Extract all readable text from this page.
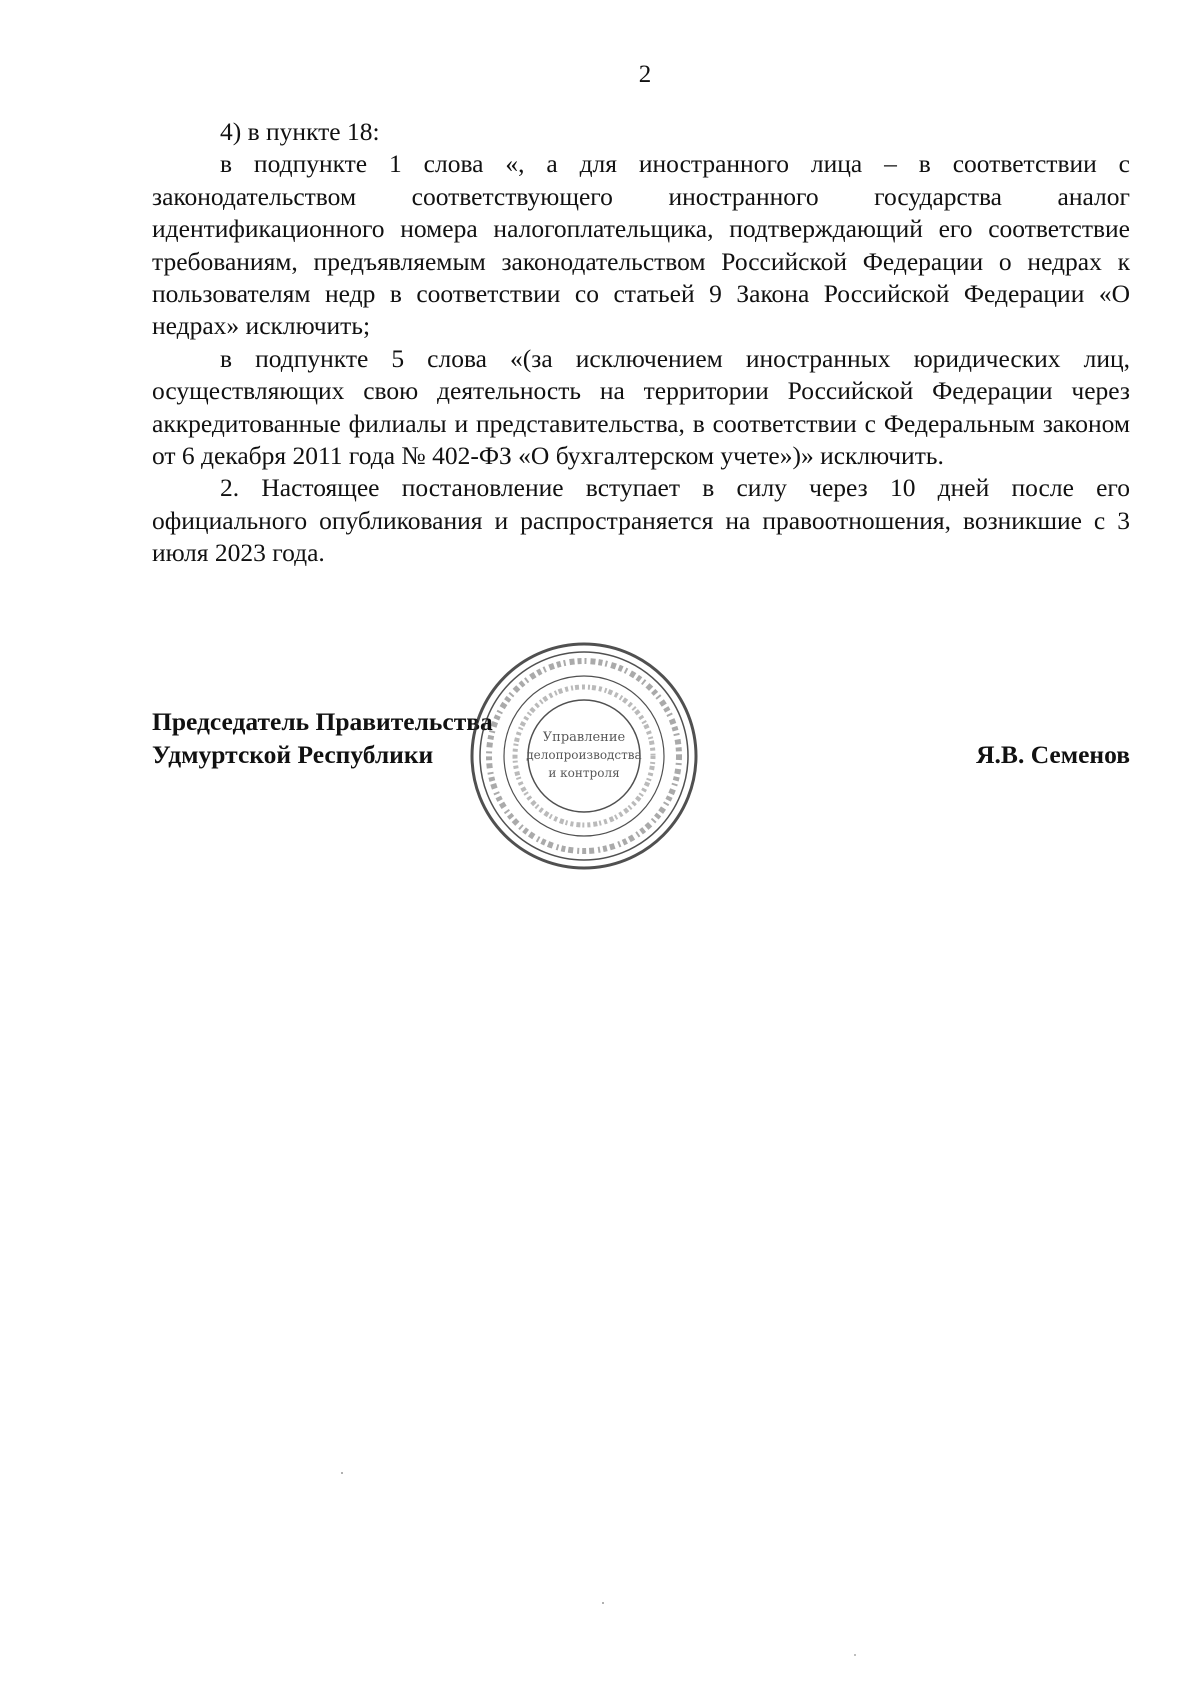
2

4) в пункте 18:

в подпункте 1 слова «, а для иностранного лица – в соответствии с законодательством соответствующего иностранного государства аналог идентификационного номера налогоплательщика, подтверждающий его соответствие требованиям, предъявляемым законодательством Российской Федерации о недрах к пользователям недр в соответствии со статьей 9 Закона Российской Федерации «О недрах» исключить;

в подпункте 5 слова «(за исключением иностранных юридических лиц, осуществляющих свою деятельность на территории Российской Федерации через аккредитованные филиалы и представительства, в соответствии с Федеральным законом от 6 декабря 2011 года № 402-ФЗ «О бухгалтерском учете»)» исключить.

2. Настоящее постановление вступает в силу через 10 дней после его официального опубликования и распространяется на правоотношения, возникшие с 3 июля 2023 года.

Председатель Правительства
Удмуртской Республики	Я.В. Семенов
Управление
делопроизводства
и контроля
